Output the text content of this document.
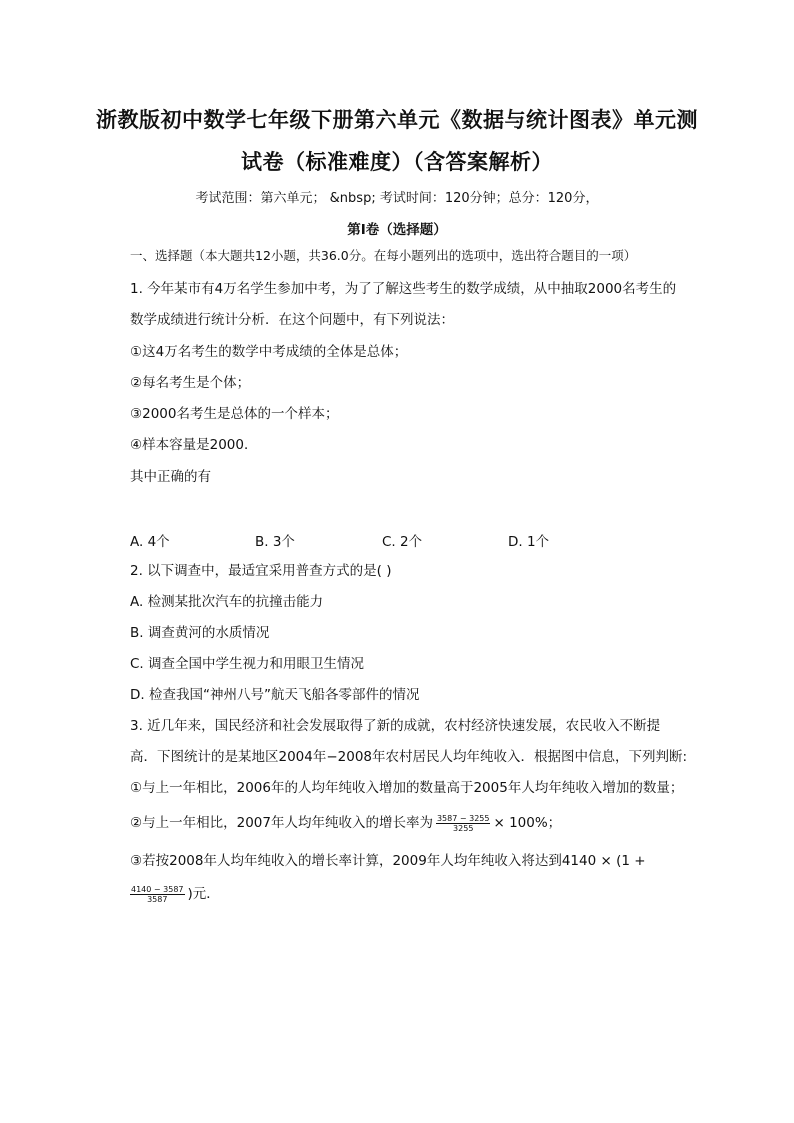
浙教版初中数学七年级下册第六单元《数据与统计图表》单元测
试卷（标准难度）（含答案解析）
考试范围：第六单元； &nbsp; 考试时间：120分钟；总分：120分，
第I卷（选择题）
一、选择题（本大题共12小题，共36.0分。在每小题列出的选项中，选出符合题目的一项）
1. 今年某市有4万名学生参加中考，为了了解这些考生的数学成绩，从中抽取2000名考生的
数学成绩进行统计分析．在这个问题中，有下列说法：
①这4万名考生的数学中考成绩的全体是总体；
②每名考生是个体；
③2000名考生是总体的一个样本；
④样本容量是2000．
其中正确的有
A. 4个	B. 3个	C. 2个	D. 1个
2. 以下调查中，最适宜采用普查方式的是( )
A. 检测某批次汽车的抗撞击能力
B. 调查黄河的水质情况
C. 调查全国中学生视力和用眼卫生情况
D. 检查我国“神州八号”航天飞船各零部件的情况
3. 近几年来，国民经济和社会发展取得了新的成就，农村经济快速发展，农民收入不断提
高．下图统计的是某地区2004年−2008年农村居民人均年纯收入．根据图中信息，下列判断:
①与上一年相比，2006年的人均年纯收入增加的数量高于2005年人均年纯收入增加的数量；
②与上一年相比，2007年人均年纯收入的增长率为 $\frac{3587 - 3255}{3255} \times 100\%$；
③若按2008年人均年纯收入的增长率计算，2009年人均年纯收入将达到4140 × (1 +
$\frac{4140 - 3587}{3587}$ )元．
